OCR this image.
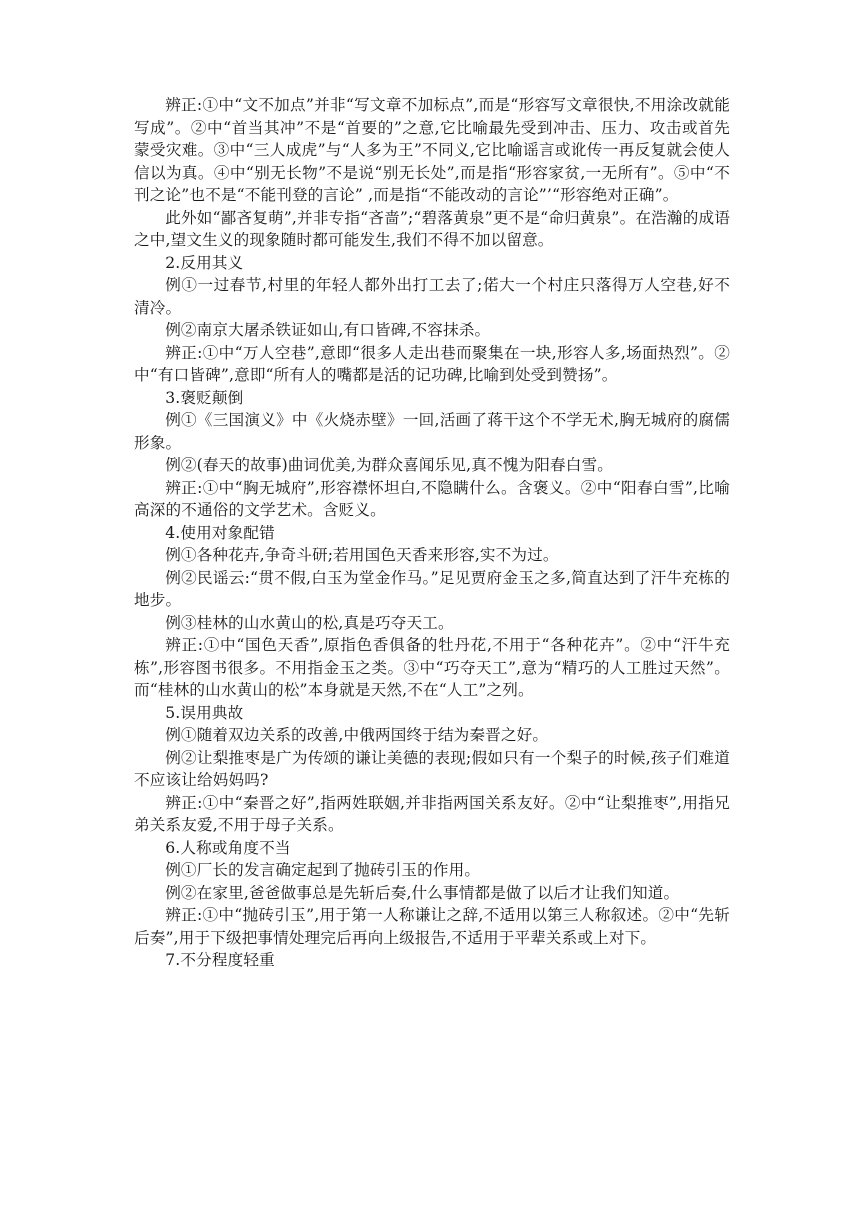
辨正:①中“文不加点”并非“写文章不加标点”,而是“形容写文章很快,不用涂改就能写成”。②中“首当其冲”不是“首要的”之意,它比喻最先受到冲击、压力、攻击或首先蒙受灾难。③中“三人成虎”与“人多为王”不同义,它比喻谣言或讹传一再反复就会使人信以为真。④中“别无长物”不是说“别无长处”,而是指“形容家贫,一无所有”。⑤中“不刊之论”也不是“不能刊登的言论” ,而是指“不能改动的言论”’“形容绝对正确”。

此外如“鄙吝复萌”,并非专指“吝啬”;“碧落黄泉”更不是“命归黄泉”。在浩瀚的成语之中,望文生义的现象随时都可能发生,我们不得不加以留意。

2.反用其义

例①一过春节,村里的年轻人都外出打工去了;偌大一个村庄只落得万人空巷,好不清冷。

例②南京大屠杀铁证如山,有口皆碑,不容抹杀。

辨正:①中“万人空巷”,意即“很多人走出巷而聚集在一块,形容人多,场面热烈”。②中“有口皆碑”,意即“所有人的嘴都是活的记功碑,比喻到处受到赞扬”。

3.褒贬颠倒

例①《三国演义》中《火烧赤壁》一回,活画了蒋干这个不学无术,胸无城府的腐儒形象。

例②(春天的故事)曲词优美,为群众喜闻乐见,真不愧为阳春白雪。

辨正:①中“胸无城府”,形容襟怀坦白,不隐瞒什么。含褒义。②中“阳春白雪”,比喻高深的不通俗的文学艺术。含贬义。

4.使用对象配错

例①各种花卉,争奇斗研;若用国色天香来形容,实不为过。

例②民谣云:“贯不假,白玉为堂金作马。”足见贾府金玉之多,简直达到了汗牛充栋的地步。

例③桂林的山水黄山的松,真是巧夺天工。

辨正:①中“国色天香”,原指色香俱备的牡丹花,不用于“各种花卉”。②中“汗牛充栋”,形容图书很多。不用指金玉之类。③中“巧夺天工”,意为“精巧的人工胜过天然”。而“桂林的山水黄山的松”本身就是天然,不在“人工”之列。

5.误用典故

例①随着双边关系的改善,中俄两国终于结为秦晋之好。

例②让梨推枣是广为传颂的谦让美德的表现;假如只有一个梨子的时候,孩子们难道不应该让给妈妈吗?

辨正:①中“秦晋之好”,指两姓联姻,并非指两国关系友好。②中“让梨推枣”,用指兄弟关系友爱,不用于母子关系。

6.人称或角度不当

例①厂长的发言确定起到了抛砖引玉的作用。

例②在家里,爸爸做事总是先斩后奏,什么事情都是做了以后才让我们知道。

辨正:①中“抛砖引玉”,用于第一人称谦让之辞,不适用以第三人称叙述。②中“先斩后奏”,用于下级把事情处理完后再向上级报告,不适用于平辈关系或上对下。

7.不分程度轻重
